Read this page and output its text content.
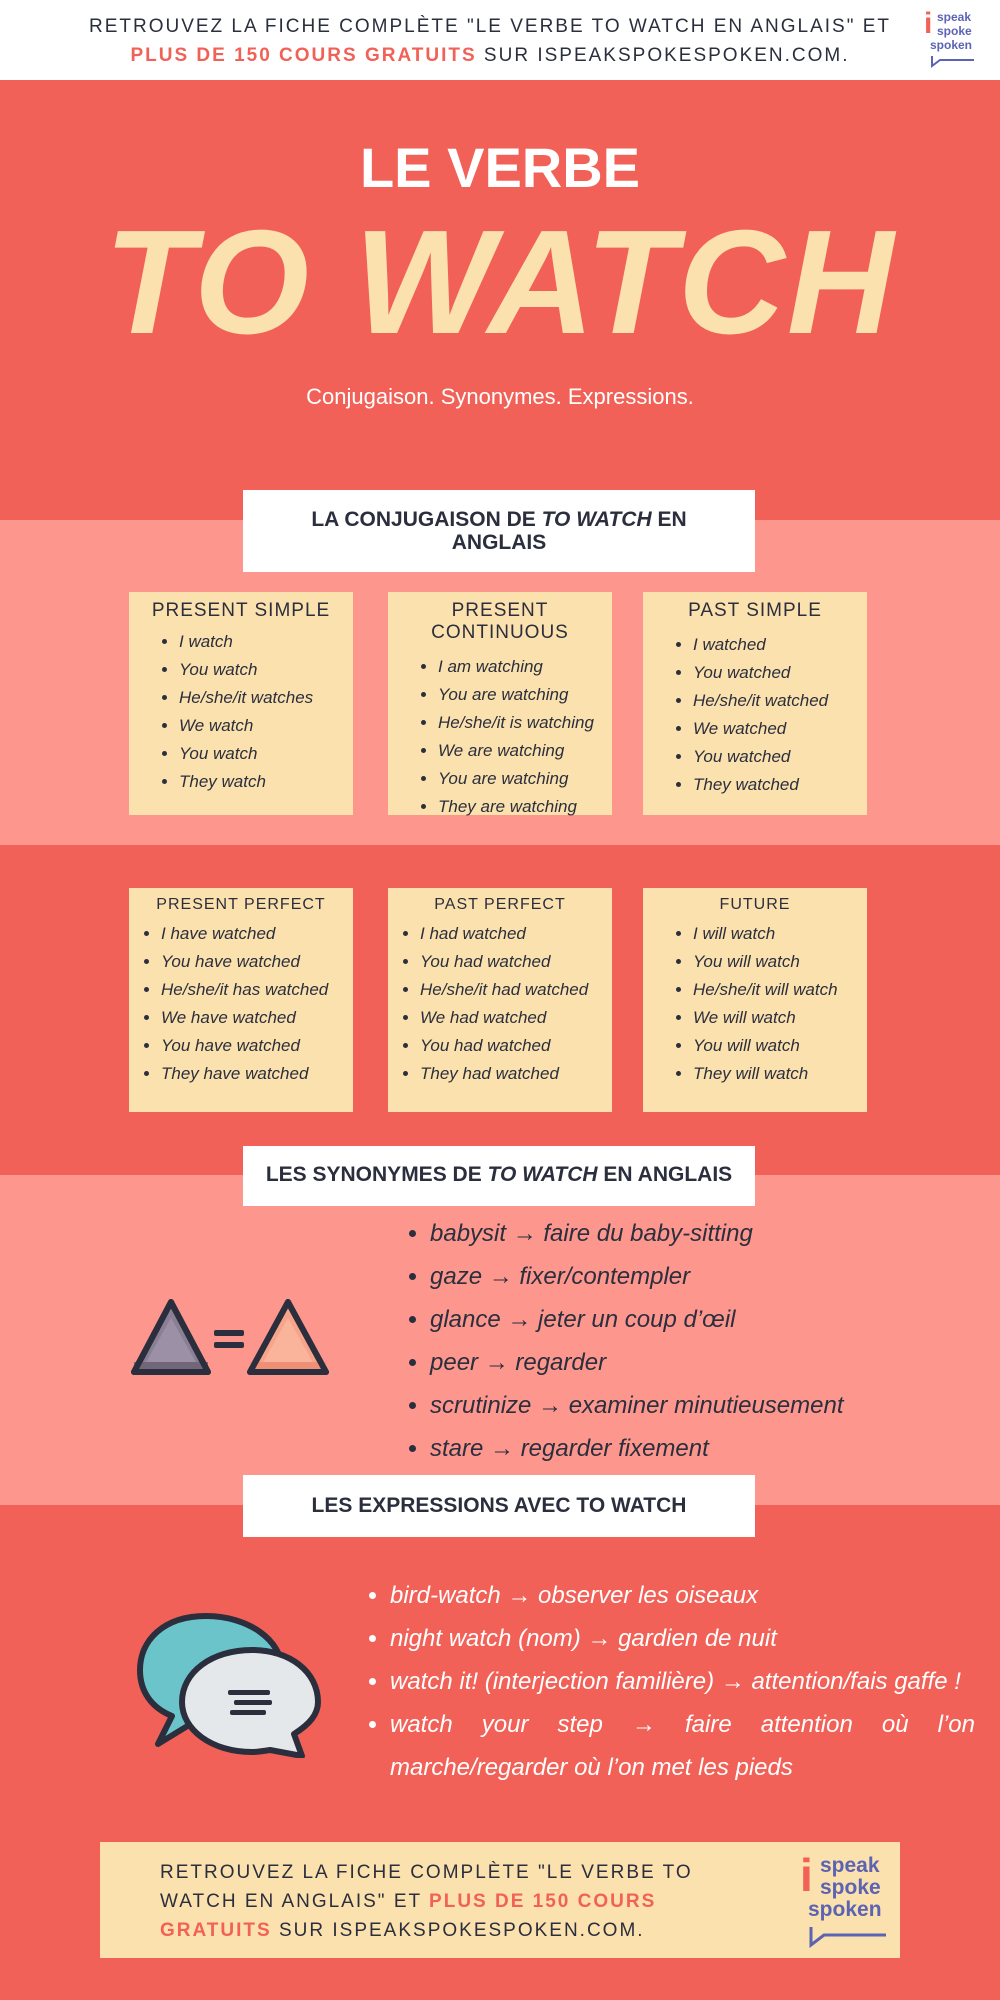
RETROUVEZ LA FICHE COMPLÈTE "LE VERBE TO WATCH EN ANGLAIS" ET
PLUS DE 150 COURS GRATUITS SUR ISPEAKSPOKESPOKEN.COM.
i speak
spoke
spoken
LE VERBE
TO WATCH
Conjugaison. Synonymes. Expressions.
LA CONJUGAISON DE TO WATCH EN ANGLAIS
PRESENT SIMPLE
• I watch
• You watch
• He/she/it watches
• We watch
• You watch
• They watch
PRESENT CONTINUOUS
• I am watching
• You are watching
• He/she/it is watching
• We are watching
• You are watching
• They are watching
PAST SIMPLE
• I watched
• You watched
• He/she/it watched
• We watched
• You watched
• They watched
PRESENT PERFECT
• I have watched
• You have watched
• He/she/it has watched
• We have watched
• You have watched
• They have watched
PAST PERFECT
• I had watched
• You had watched
• He/she/it had watched
• We had watched
• You had watched
• They had watched
FUTURE
• I will watch
• You will watch
• He/she/it will watch
• We will watch
• You will watch
• They will watch
LES SYNONYMES DE TO WATCH EN ANGLAIS
• babysit → faire du baby-sitting
• gaze → fixer/contempler
• glance → jeter un coup d’œil
• peer → regarder
• scrutinize → examiner minutieusement
• stare → regarder fixement
LES EXPRESSIONS AVEC TO WATCH
• bird-watch → observer les oiseaux
• night watch (nom) → gardien de nuit
• watch it! (interjection familière) → attention/fais gaffe !
• watch your step → faire attention où l’on marche/regarder où l’on met les pieds
RETROUVEZ LA FICHE COMPLÈTE "LE VERBE TO WATCH EN ANGLAIS" ET PLUS DE 150 COURS GRATUITS SUR ISPEAKSPOKESPOKEN.COM.
i speak
spoke
spoken
